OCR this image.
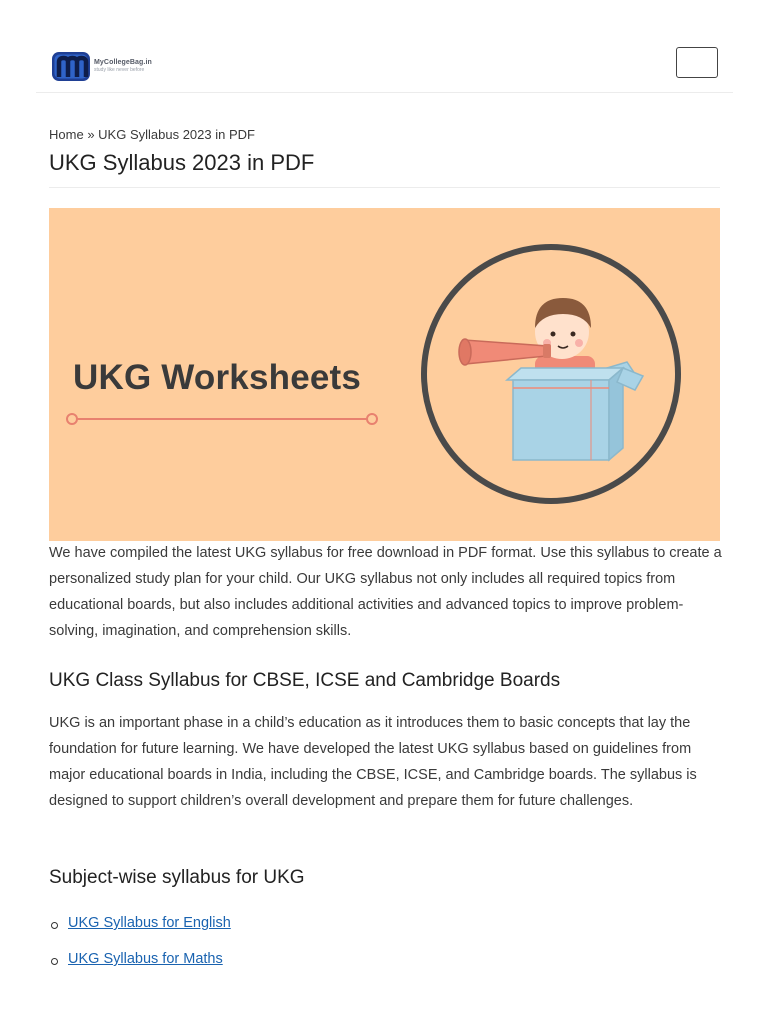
MyCollegeBag.in
study like never before
Home » UKG Syllabus 2023 in PDF
UKG Syllabus 2023 in PDF
UKG Worksheets

We have compiled the latest UKG syllabus for free download in PDF format. Use this syllabus to create a personalized study plan for your child. Our UKG syllabus not only includes all required topics from educational boards, but also includes additional activities and advanced topics to improve problem-solving, imagination, and comprehension skills.

UKG Class Syllabus for CBSE, ICSE and Cambridge Boards

UKG is an important phase in a child’s education as it introduces them to basic concepts that lay the foundation for future learning. We have developed the latest UKG syllabus based on guidelines from major educational boards in India, including the CBSE, ICSE, and Cambridge boards. The syllabus is designed to support children’s overall development and prepare them for future challenges.

Subject-wise syllabus for UKG
UKG Syllabus for English
UKG Syllabus for Maths
